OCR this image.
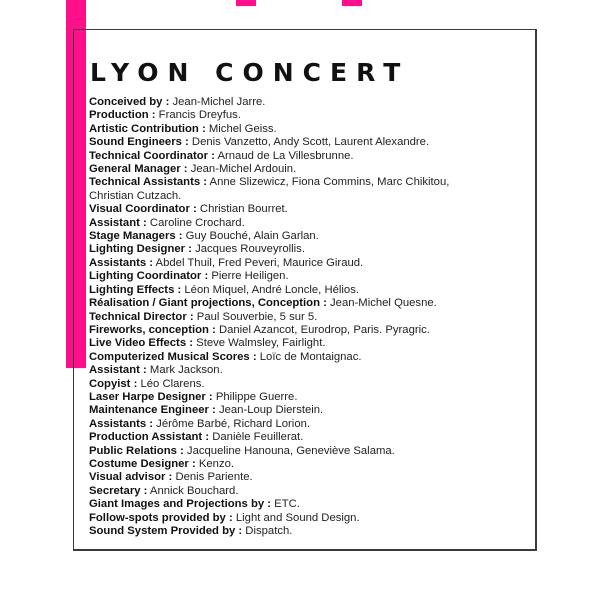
LYON CONCERT
Conceived by : Jean-Michel Jarre.
Production : Francis Dreyfus.
Artistic Contribution : Michel Geiss.
Sound Engineers : Denis Vanzetto, Andy Scott, Laurent Alexandre.
Technical Coordinator : Arnaud de La Villesbrunne.
General Manager : Jean-Michel Ardouin.
Technical Assistants : Anne Slizewicz, Fiona Commins, Marc Chikitou,
Christian Cutzach.
Visual Coordinator : Christian Bourret.
Assistant : Caroline Crochard.
Stage Managers : Guy Bouché, Alain Garlan.
Lighting Designer : Jacques Rouveyrollis.
Assistants : Abdel Thuil, Fred Peveri, Maurice Giraud.
Lighting Coordinator : Pierre Heiligen.
Lighting Effects : Léon Miquel, André Loncle, Hélios.
Réalisation / Giant projections, Conception : Jean-Michel Quesne.
Technical Director : Paul Souverbie, 5 sur 5.
Fireworks, conception : Daniel Azancot, Eurodrop, Paris. Pyragric.
Live Video Effects : Steve Walmsley, Fairlight.
Computerized Musical Scores : Loïc de Montaignac.
Assistant : Mark Jackson.
Copyist : Léo Clarens.
Laser Harpe Designer : Philippe Guerre.
Maintenance Engineer : Jean-Loup Dierstein.
Assistants : Jérôme Barbé, Richard Lorion.
Production Assistant : Danièle Feuillerat.
Public Relations : Jacqueline Hanouna, Geneviève Salama.
Costume Designer : Kenzo.
Visual advisor : Denis Pariente.
Secretary : Annick Bouchard.
Giant Images and Projections by : ETC.
Follow-spots provided by : Light and Sound Design.
Sound System Provided by : Dispatch.
